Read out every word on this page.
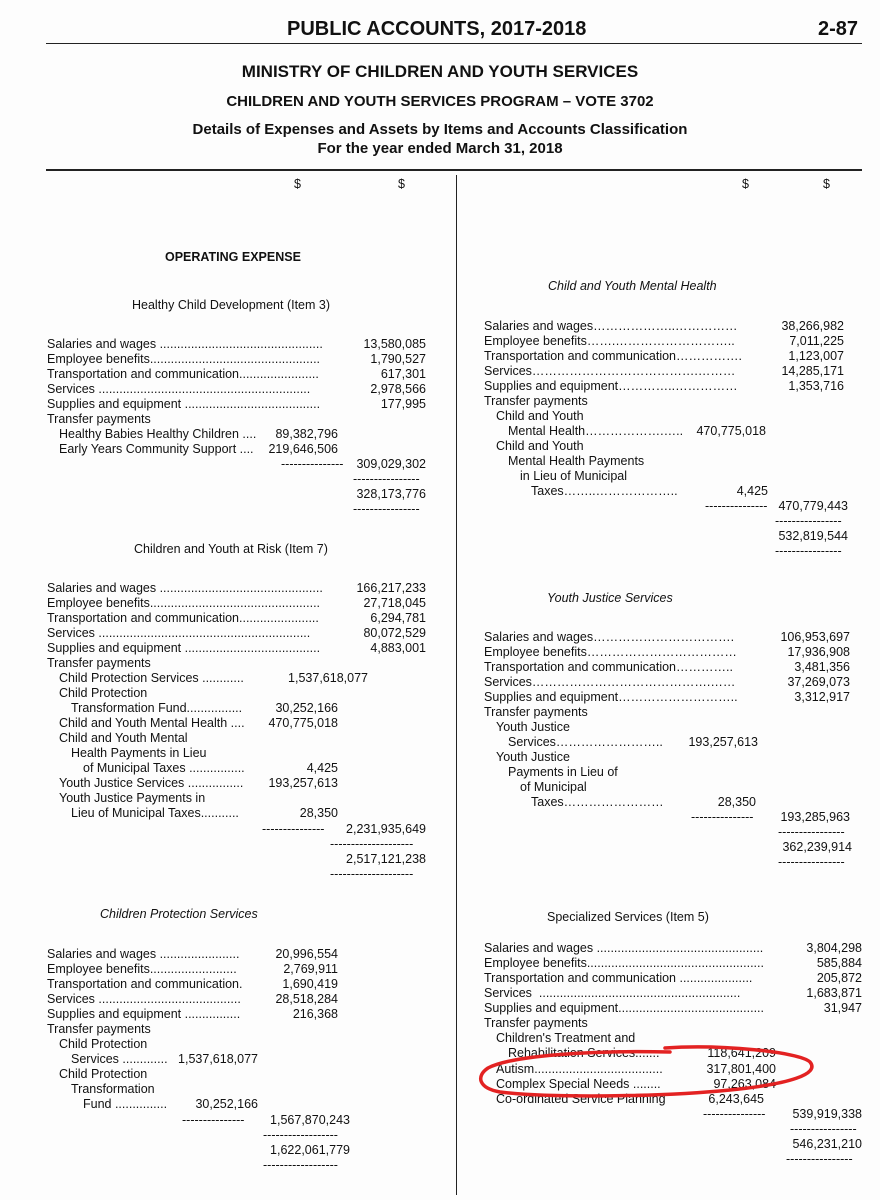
PUBLIC ACCOUNTS, 2017-2018	2-87
MINISTRY OF CHILDREN AND YOUTH SERVICES
CHILDREN AND YOUTH SERVICES PROGRAM – VOTE 3702
Details of Expenses and Assets by Items and Accounts Classification
For the year ended March 31, 2018
$	$	$	$
OPERATING EXPENSE
Healthy Child Development (Item 3)
Salaries and wages ...............................................	13,580,085
Employee benefits.................................................	1,790,527
Transportation and communication.......................	617,301
Services .............................................................	2,978,566
Supplies and equipment .......................................	177,995
Transfer payments
Healthy Babies Healthy Children ....	89,382,796
Early Years Community Support ....	219,646,506
---------------	309,029,302
----------------
328,173,776
----------------
Children and Youth at Risk (Item 7)
Salaries and wages ...............................................	166,217,233
Employee benefits.................................................	27,718,045
Transportation and communication.......................	6,294,781
Services .............................................................	80,072,529
Supplies and equipment .......................................	4,883,001
Transfer payments
Child Protection Services ............	1,537,618,077
Child Protection
Transformation Fund................	30,252,166
Child and Youth Mental Health ....	470,775,018
Child and Youth Mental
Health Payments in Lieu
of Municipal Taxes ................	4,425
Youth Justice Services ................	193,257,613
Youth Justice Payments in
Lieu of Municipal Taxes...........	28,350
---------------	2,231,935,649
--------------------
2,517,121,238
--------------------
Children Protection Services
Salaries and wages .......................	20,996,554
Employee benefits.........................	2,769,911
Transportation and communication.	1,690,419
Services .........................................	28,518,284
Supplies and equipment ................	216,368
Transfer payments
Child Protection
Services ............. 1,537,618,077
Child Protection
Transformation
Fund ...............	30,252,166
---------------	1,567,870,243
------------------
1,622,061,779
------------------
Child and Youth Mental Health
Salaries and wages………………..……………	38,266,982
Employee benefits…….………………………..	7,011,225
Transportation and communication…………….	1,123,007
Services………………………………….………	14,285,171
Supplies and equipment…………..……………	1,353,716
Transfer payments
Child and Youth
Mental Health……………….…..	470,775,018
Child and Youth
Mental Health Payments
in Lieu of Municipal
Taxes……..………………..	4,425
--------------- 470,779,443
----------------
532,819,544
----------------
Youth Justice Services
Salaries and wages…………………………….	106,953,697
Employee benefits………………………………	17,936,908
Transportation and communication…………..	3,481,356
Services…………………………………….……	37,269,073
Supplies and equipment………………………..	3,312,917
Transfer payments
Youth Justice
Services……………………..	193,257,613
Youth Justice
Payments in Lieu of
of Municipal
Taxes……………………	28,350
---------------	193,285,963
----------------
362,239,914
----------------
Specialized Services (Item 5)
Salaries and wages ................................................	3,804,298
Employee benefits...................................................	585,884
Transportation and communication .....................	205,872
Services  ..........................................................	1,683,871
Supplies and equipment..........................................	31,947
Transfer payments
Children's Treatment and
Rehabilitation Services.......	118,641,209
Autism.....................................	317,801,400
Complex Special Needs ........	97,263,084
Co-ordinated Service Planning	6,243,645
---------------	539,919,338
----------------
546,231,210
----------------
